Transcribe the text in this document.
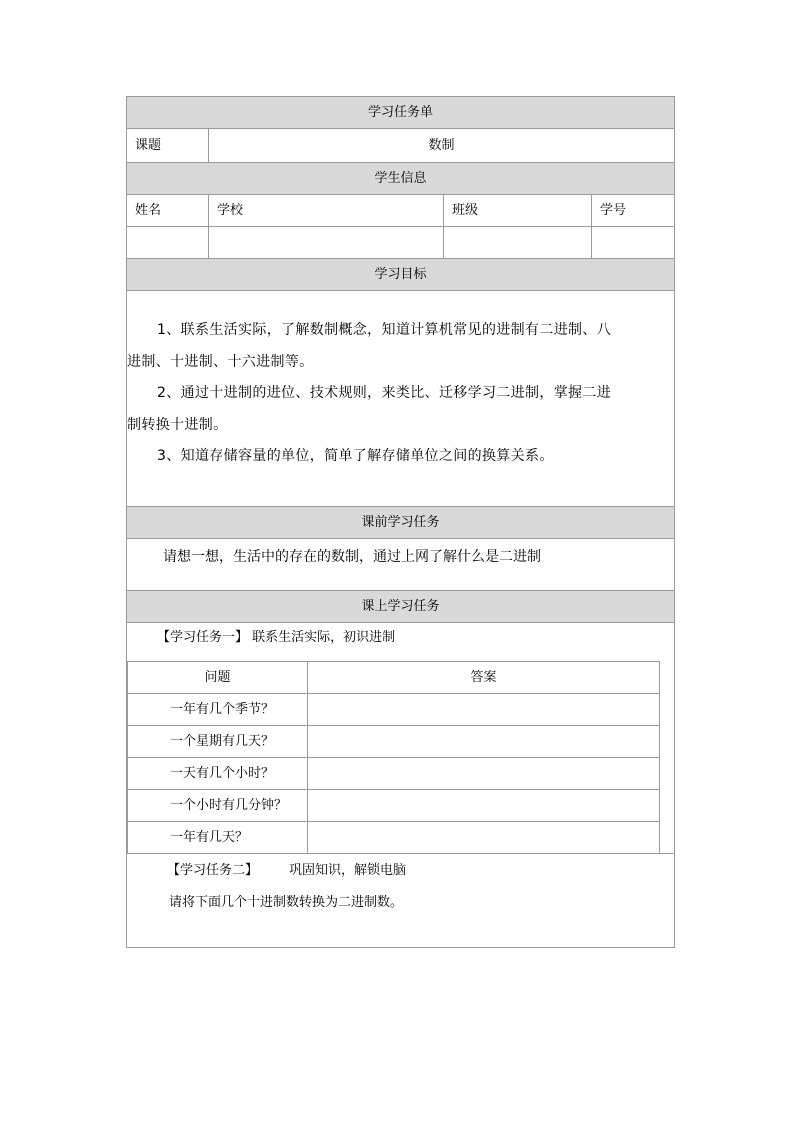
学习任务单
课题	数制
学生信息
姓名	学校	班级	学号
学习目标

1、联系生活实际，了解数制概念，知道计算机常见的进制有二进制、八

进制、十进制、十六进制等。

2、通过十进制的进位、技术规则，来类比、迁移学习二进制，掌握二进

制转换十进制。

3、知道存储容量的单位，简单了解存储单位之间的换算关系。

课前学习任务
请想一想，生活中的存在的数制，通过上网了解什么是二进制
课上学习任务
【学习任务一】 联系生活实际，初识进制
问题	答案
一年有几个季节？
一个星期有几天？
一天有几个小时？
一个小时有几分钟？
一年有几天？
【学习任务二】 巩固知识，解锁电脑
请将下面几个十进制数转换为二进制数。
